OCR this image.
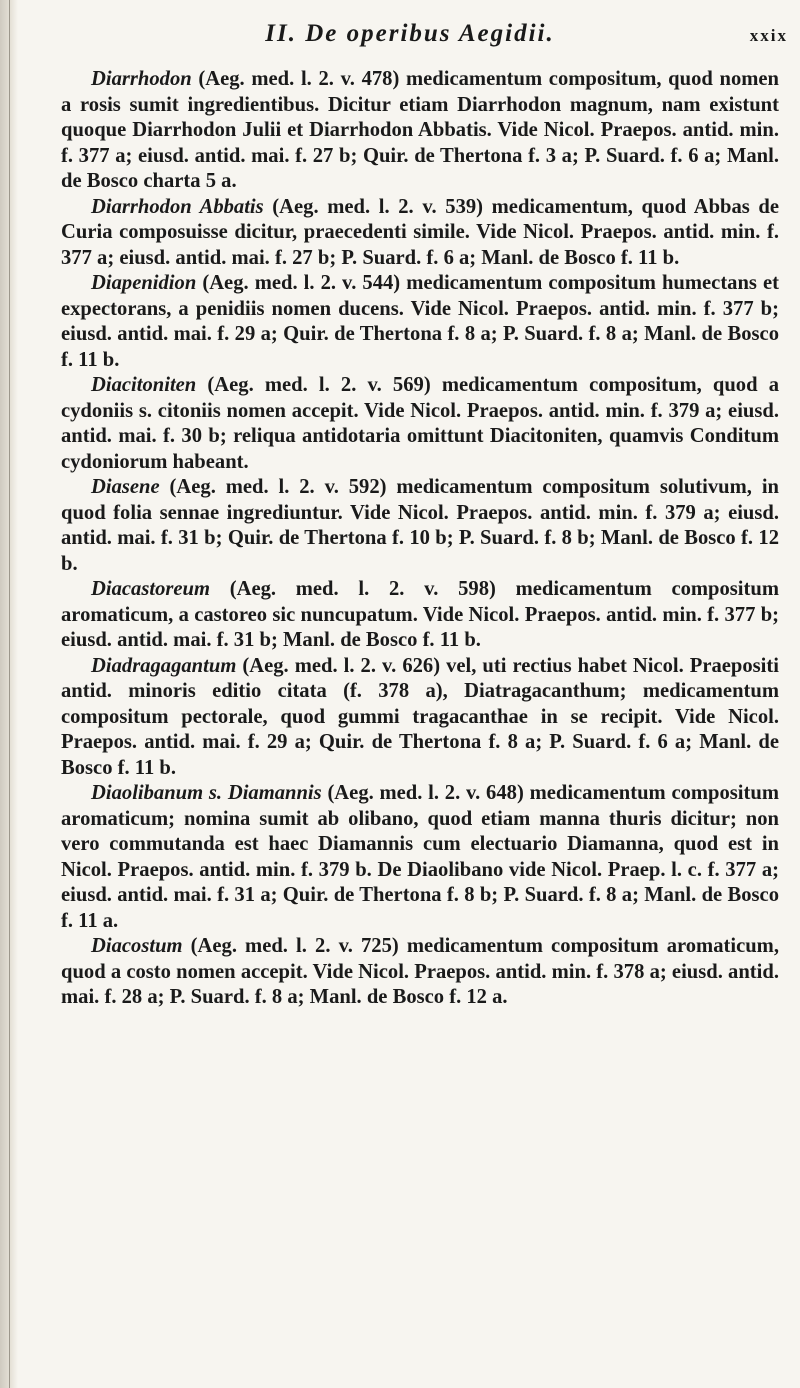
II. De operibus Aegidii.	xxix

Diarrhodon (Aeg. med. l. 2. v. 478) medicamentum compositum, quod nomen a rosis sumit ingredientibus. Dicitur etiam Diarrhodon magnum, nam existunt quoque Diarrhodon Julii et Diarrhodon Abbatis. Vide Nicol. Praepos. antid. min. f. 377 a; eiusd. antid. mai. f. 27 b; Quir. de Thertona f. 3 a; P. Suard. f. 6 a; Manl. de Bosco charta 5 a.

Diarrhodon Abbatis (Aeg. med. l. 2. v. 539) medicamentum, quod Abbas de Curia composuisse dicitur, praecedenti simile. Vide Nicol. Praepos. antid. min. f. 377 a; eiusd. antid. mai. f. 27 b; P. Suard. f. 6 a; Manl. de Bosco f. 11 b.

Diapenidion (Aeg. med. l. 2. v. 544) medicamentum compositum humectans et expectorans, a penidiis nomen ducens. Vide Nicol. Praepos. antid. min. f. 377 b; eiusd. antid. mai. f. 29 a; Quir. de Thertona f. 8 a; P. Suard. f. 8 a; Manl. de Bosco f. 11 b.

Diacitoniten (Aeg. med. l. 2. v. 569) medicamentum compositum, quod a cydoniis s. citoniis nomen accepit. Vide Nicol. Praepos. antid. min. f. 379 a; eiusd. antid. mai. f. 30 b; reliqua antidotaria omittunt Diacitoniten, quamvis Conditum cydoniorum habeant.

Diasene (Aeg. med. l. 2. v. 592) medicamentum compositum solutivum, in quod folia sennae ingrediuntur. Vide Nicol. Praepos. antid. min. f. 379 a; eiusd. antid. mai. f. 31 b; Quir. de Thertona f. 10 b; P. Suard. f. 8 b; Manl. de Bosco f. 12 b.

Diacastoreum (Aeg. med. l. 2. v. 598) medicamentum compositum aromaticum, a castoreo sic nuncupatum. Vide Nicol. Praepos. antid. min. f. 377 b; eiusd. antid. mai. f. 31 b; Manl. de Bosco f. 11 b.

Diadragagantum (Aeg. med. l. 2. v. 626) vel, uti rectius habet Nicol. Praepositi antid. minoris editio citata (f. 378 a), Diatragacanthum; medicamentum compositum pectorale, quod gummi tragacanthae in se recipit. Vide Nicol. Praepos. antid. mai. f. 29 a; Quir. de Thertona f. 8 a; P. Suard. f. 6 a; Manl. de Bosco f. 11 b.

Diaolibanum s. Diamannis (Aeg. med. l. 2. v. 648) medicamentum compositum aromaticum; nomina sumit ab olibano, quod etiam manna thuris dicitur; non vero commutanda est haec Diamannis cum electuario Diamanna, quod est in Nicol. Praepos. antid. min. f. 379 b. De Diaolibano vide Nicol. Praep. l. c. f. 377 a; eiusd. antid. mai. f. 31 a; Quir. de Thertona f. 8 b; P. Suard. f. 8 a; Manl. de Bosco f. 11 a.

Diacostum (Aeg. med. l. 2. v. 725) medicamentum compositum aromaticum, quod a costo nomen accepit. Vide Nicol. Praepos. antid. min. f. 378 a; eiusd. antid. mai. f. 28 a; P. Suard. f. 8 a; Manl. de Bosco f. 12 a.
